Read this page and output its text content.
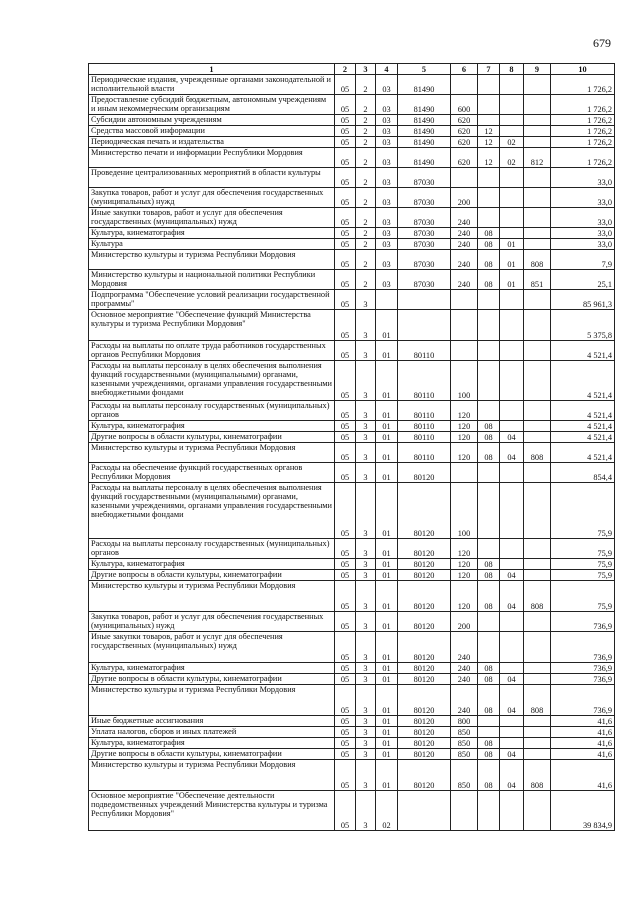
679
1	2	3	4	5	6	7	8	9	10
Периодические издания, учрежденные органами законодательной и исполнительной власти	05	2	03	81490					1 726,2
Предоставление субсидий бюджетным, автономным учреждениям и иным некоммерческим организациям	05	2	03	81490	600				1 726,2
Субсидии автономным учреждениям	05	2	03	81490	620				1 726,2
Средства массовой информации	05	2	03	81490	620	12			1 726,2
Периодическая печать и издательства	05	2	03	81490	620	12	02		1 726,2
Министерство печати и информации Республики Мордовия	05	2	03	81490	620	12	02	812	1 726,2
Проведение централизованных мероприятий в области культуры	05	2	03	87030					33,0
Закупка товаров, работ и услуг для обеспечения государственных (муниципальных) нужд	05	2	03	87030	200				33,0
Иные закупки товаров, работ и услуг для обеспечения государственных (муниципальных) нужд	05	2	03	87030	240				33,0
Культура, кинематография	05	2	03	87030	240	08			33,0
Культура	05	2	03	87030	240	08	01		33,0
Министерство культуры и туризма Республики Мордовия	05	2	03	87030	240	08	01	808	7,9
Министерство культуры и национальной политики Республики Мордовия	05	2	03	87030	240	08	01	851	25,1
Подпрограмма "Обеспечение условий реализации государственной программы"	05	3							85 961,3
Основное мероприятие "Обеспечение функций Министерства культуры и туризма Республики Мордовия"	05	3	01						5 375,8
Расходы на выплаты по оплате труда работников государственных органов Республики Мордовия	05	3	01	80110					4 521,4
Расходы на выплаты персоналу в целях обеспечения выполнения функций государственными (муниципальными) органами, казенными учреждениями, органами управления государственными внебюджетными фондами	05	3	01	80110	100				4 521,4
Расходы на выплаты персоналу государственных (муниципальных) органов	05	3	01	80110	120				4 521,4
Культура, кинематография	05	3	01	80110	120	08			4 521,4
Другие вопросы в области культуры, кинематографии	05	3	01	80110	120	08	04		4 521,4
Министерство культуры и туризма Республики Мордовия	05	3	01	80110	120	08	04	808	4 521,4
Расходы на обеспечение функций государственных органов Республики Мордовия	05	3	01	80120					854,4
Расходы на выплаты персоналу в целях обеспечения выполнения функций государственными (муниципальными) органами, казенными учреждениями, органами управления государственными внебюджетными фондами	05	3	01	80120	100				75,9
Расходы на выплаты персоналу государственных (муниципальных) органов	05	3	01	80120	120				75,9
Культура, кинематография	05	3	01	80120	120	08			75,9
Другие вопросы в области культуры, кинематографии	05	3	01	80120	120	08	04		75,9
Министерство культуры и туризма Республики Мордовия	05	3	01	80120	120	08	04	808	75,9
Закупка товаров, работ и услуг для обеспечения государственных (муниципальных) нужд	05	3	01	80120	200				736,9
Иные закупки товаров, работ и услуг для обеспечения государственных (муниципальных) нужд	05	3	01	80120	240				736,9
Культура, кинематография	05	3	01	80120	240	08			736,9
Другие вопросы в области культуры, кинематографии	05	3	01	80120	240	08	04		736,9
Министерство культуры и туризма Республики Мордовия	05	3	01	80120	240	08	04	808	736,9
Иные бюджетные ассигнования	05	3	01	80120	800				41,6
Уплата налогов, сборов и иных платежей	05	3	01	80120	850				41,6
Культура, кинематография	05	3	01	80120	850	08			41,6
Другие вопросы в области культуры, кинематографии	05	3	01	80120	850	08	04		41,6
Министерство культуры и туризма Республики Мордовия	05	3	01	80120	850	08	04	808	41,6
Основное мероприятие "Обеспечение деятельности подведомственных учреждений Министерства культуры и туризма Республики Мордовия"	05	3	02						39 834,9
